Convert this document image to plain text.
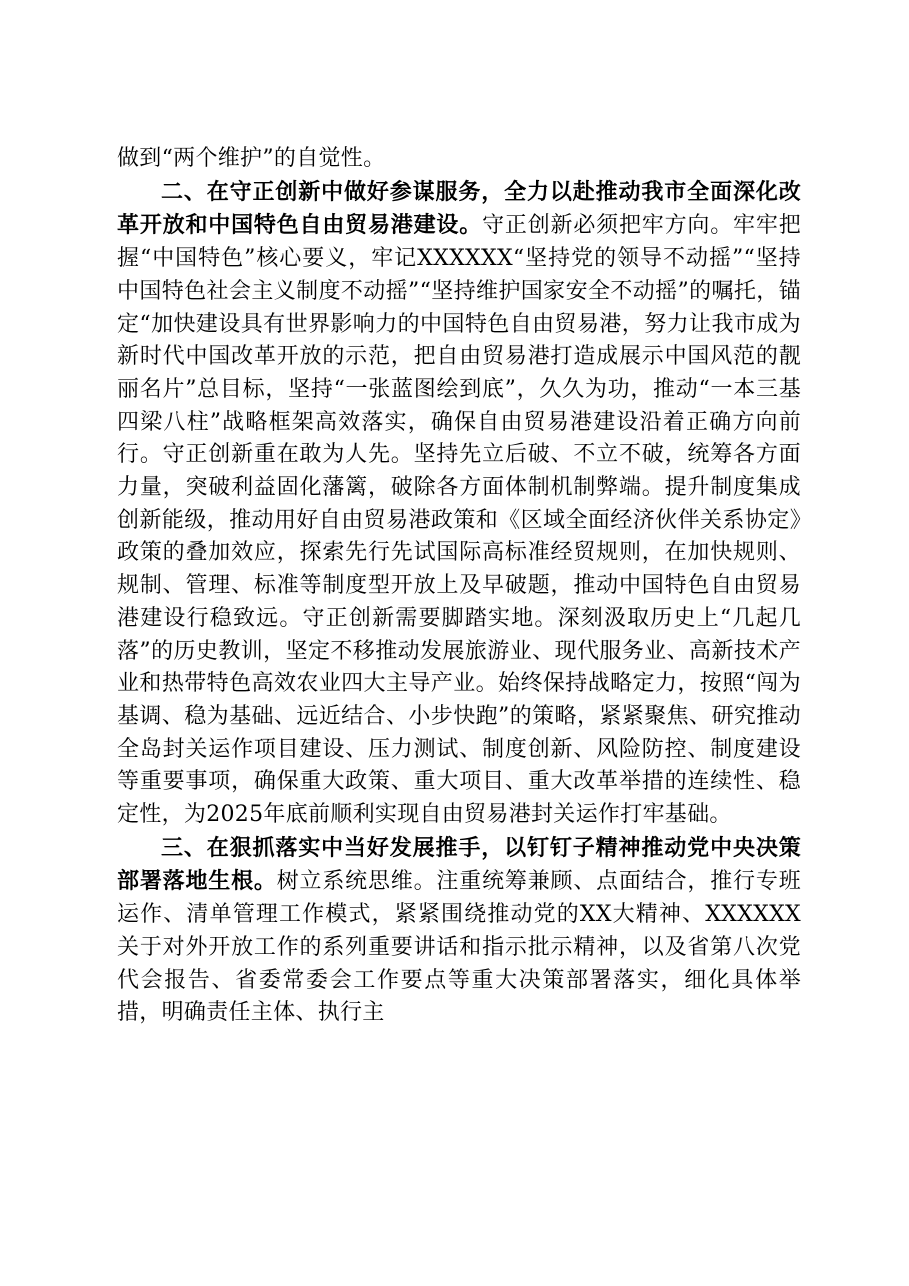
做到“两个维护”的自觉性。

二、在守正创新中做好参谋服务，全力以赴推动我市全面深化改革开放和中国特色自由贸易港建设。守正创新必须把牢方向。牢牢把握“中国特色”核心要义，牢记XXXXXX“坚持党的领导不动摇”“坚持中国特色社会主义制度不动摇”“坚持维护国家安全不动摇”的嘱托，锚定“加快建设具有世界影响力的中国特色自由贸易港，努力让我市成为新时代中国改革开放的示范，把自由贸易港打造成展示中国风范的靓丽名片”总目标，坚持“一张蓝图绘到底”，久久为功，推动“一本三基四梁八柱”战略框架高效落实，确保自由贸易港建设沿着正确方向前行。守正创新重在敢为人先。坚持先立后破、不立不破，统筹各方面力量，突破利益固化藩篱，破除各方面体制机制弊端。提升制度集成创新能级，推动用好自由贸易港政策和《区域全面经济伙伴关系协定》政策的叠加效应，探索先行先试国际高标准经贸规则，在加快规则、规制、管理、标准等制度型开放上及早破题，推动中国特色自由贸易港建设行稳致远。守正创新需要脚踏实地。深刻汲取历史上“几起几落”的历史教训，坚定不移推动发展旅游业、现代服务业、高新技术产业和热带特色高效农业四大主导产业。始终保持战略定力，按照“闯为基调、稳为基础、远近结合、小步快跑”的策略，紧紧聚焦、研究推动全岛封关运作项目建设、压力测试、制度创新、风险防控、制度建设等重要事项，确保重大政策、重大项目、重大改革举措的连续性、稳定性，为2025年底前顺利实现自由贸易港封关运作打牢基础。

三、在狠抓落实中当好发展推手，以钉钉子精神推动党中央决策部署落地生根。树立系统思维。注重统筹兼顾、点面结合，推行专班运作、清单管理工作模式，紧紧围绕推动党的XX大精神、XXXXXX关于对外开放工作的系列重要讲话和指示批示精神，以及省第八次党代会报告、省委常委会工作要点等重大决策部署落实，细化具体举措，明确责任主体、执行主
